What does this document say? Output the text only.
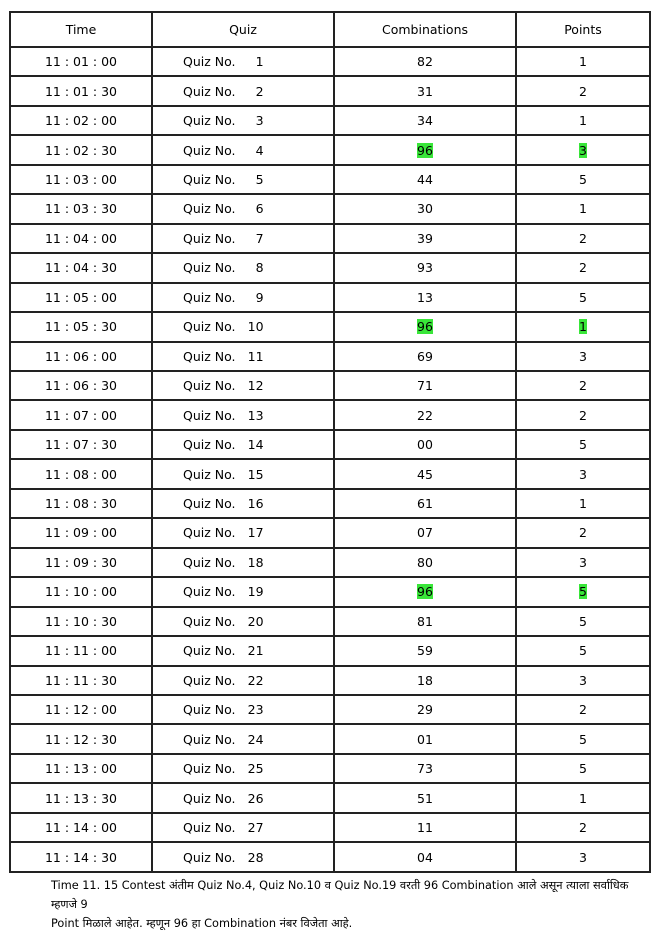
Time	Quiz	Combinations	Points
11 : 01 : 00	Quiz No. 1	82	1
11 : 01 : 30	Quiz No. 2	31	2
11 : 02 : 00	Quiz No. 3	34	1
11 : 02 : 30	Quiz No. 4	96	3
11 : 03 : 00	Quiz No. 5	44	5
11 : 03 : 30	Quiz No. 6	30	1
11 : 04 : 00	Quiz No. 7	39	2
11 : 04 : 30	Quiz No. 8	93	2
11 : 05 : 00	Quiz No. 9	13	5
11 : 05 : 30	Quiz No. 10	96	1
11 : 06 : 00	Quiz No. 11	69	3
11 : 06 : 30	Quiz No. 12	71	2
11 : 07 : 00	Quiz No. 13	22	2
11 : 07 : 30	Quiz No. 14	00	5
11 : 08 : 00	Quiz No. 15	45	3
11 : 08 : 30	Quiz No. 16	61	1
11 : 09 : 00	Quiz No. 17	07	2
11 : 09 : 30	Quiz No. 18	80	3
11 : 10 : 00	Quiz No. 19	96	5
11 : 10 : 30	Quiz No. 20	81	5
11 : 11 : 00	Quiz No. 21	59	5
11 : 11 : 30	Quiz No. 22	18	3
11 : 12 : 00	Quiz No. 23	29	2
11 : 12 : 30	Quiz No. 24	01	5
11 : 13 : 00	Quiz No. 25	73	5
11 : 13 : 30	Quiz No. 26	51	1
11 : 14 : 00	Quiz No. 27	11	2
11 : 14 : 30	Quiz No. 28	04	3
Time 11. 15 Contest अंतीम Quiz No.4, Quiz No.10 व Quiz No.19 वरती 96 Combination आले असून त्याला सर्वाधिक म्हणजे 9
Point मिळाले आहेत. म्हणून 96 हा Combination नंबर विजेता आहे.
